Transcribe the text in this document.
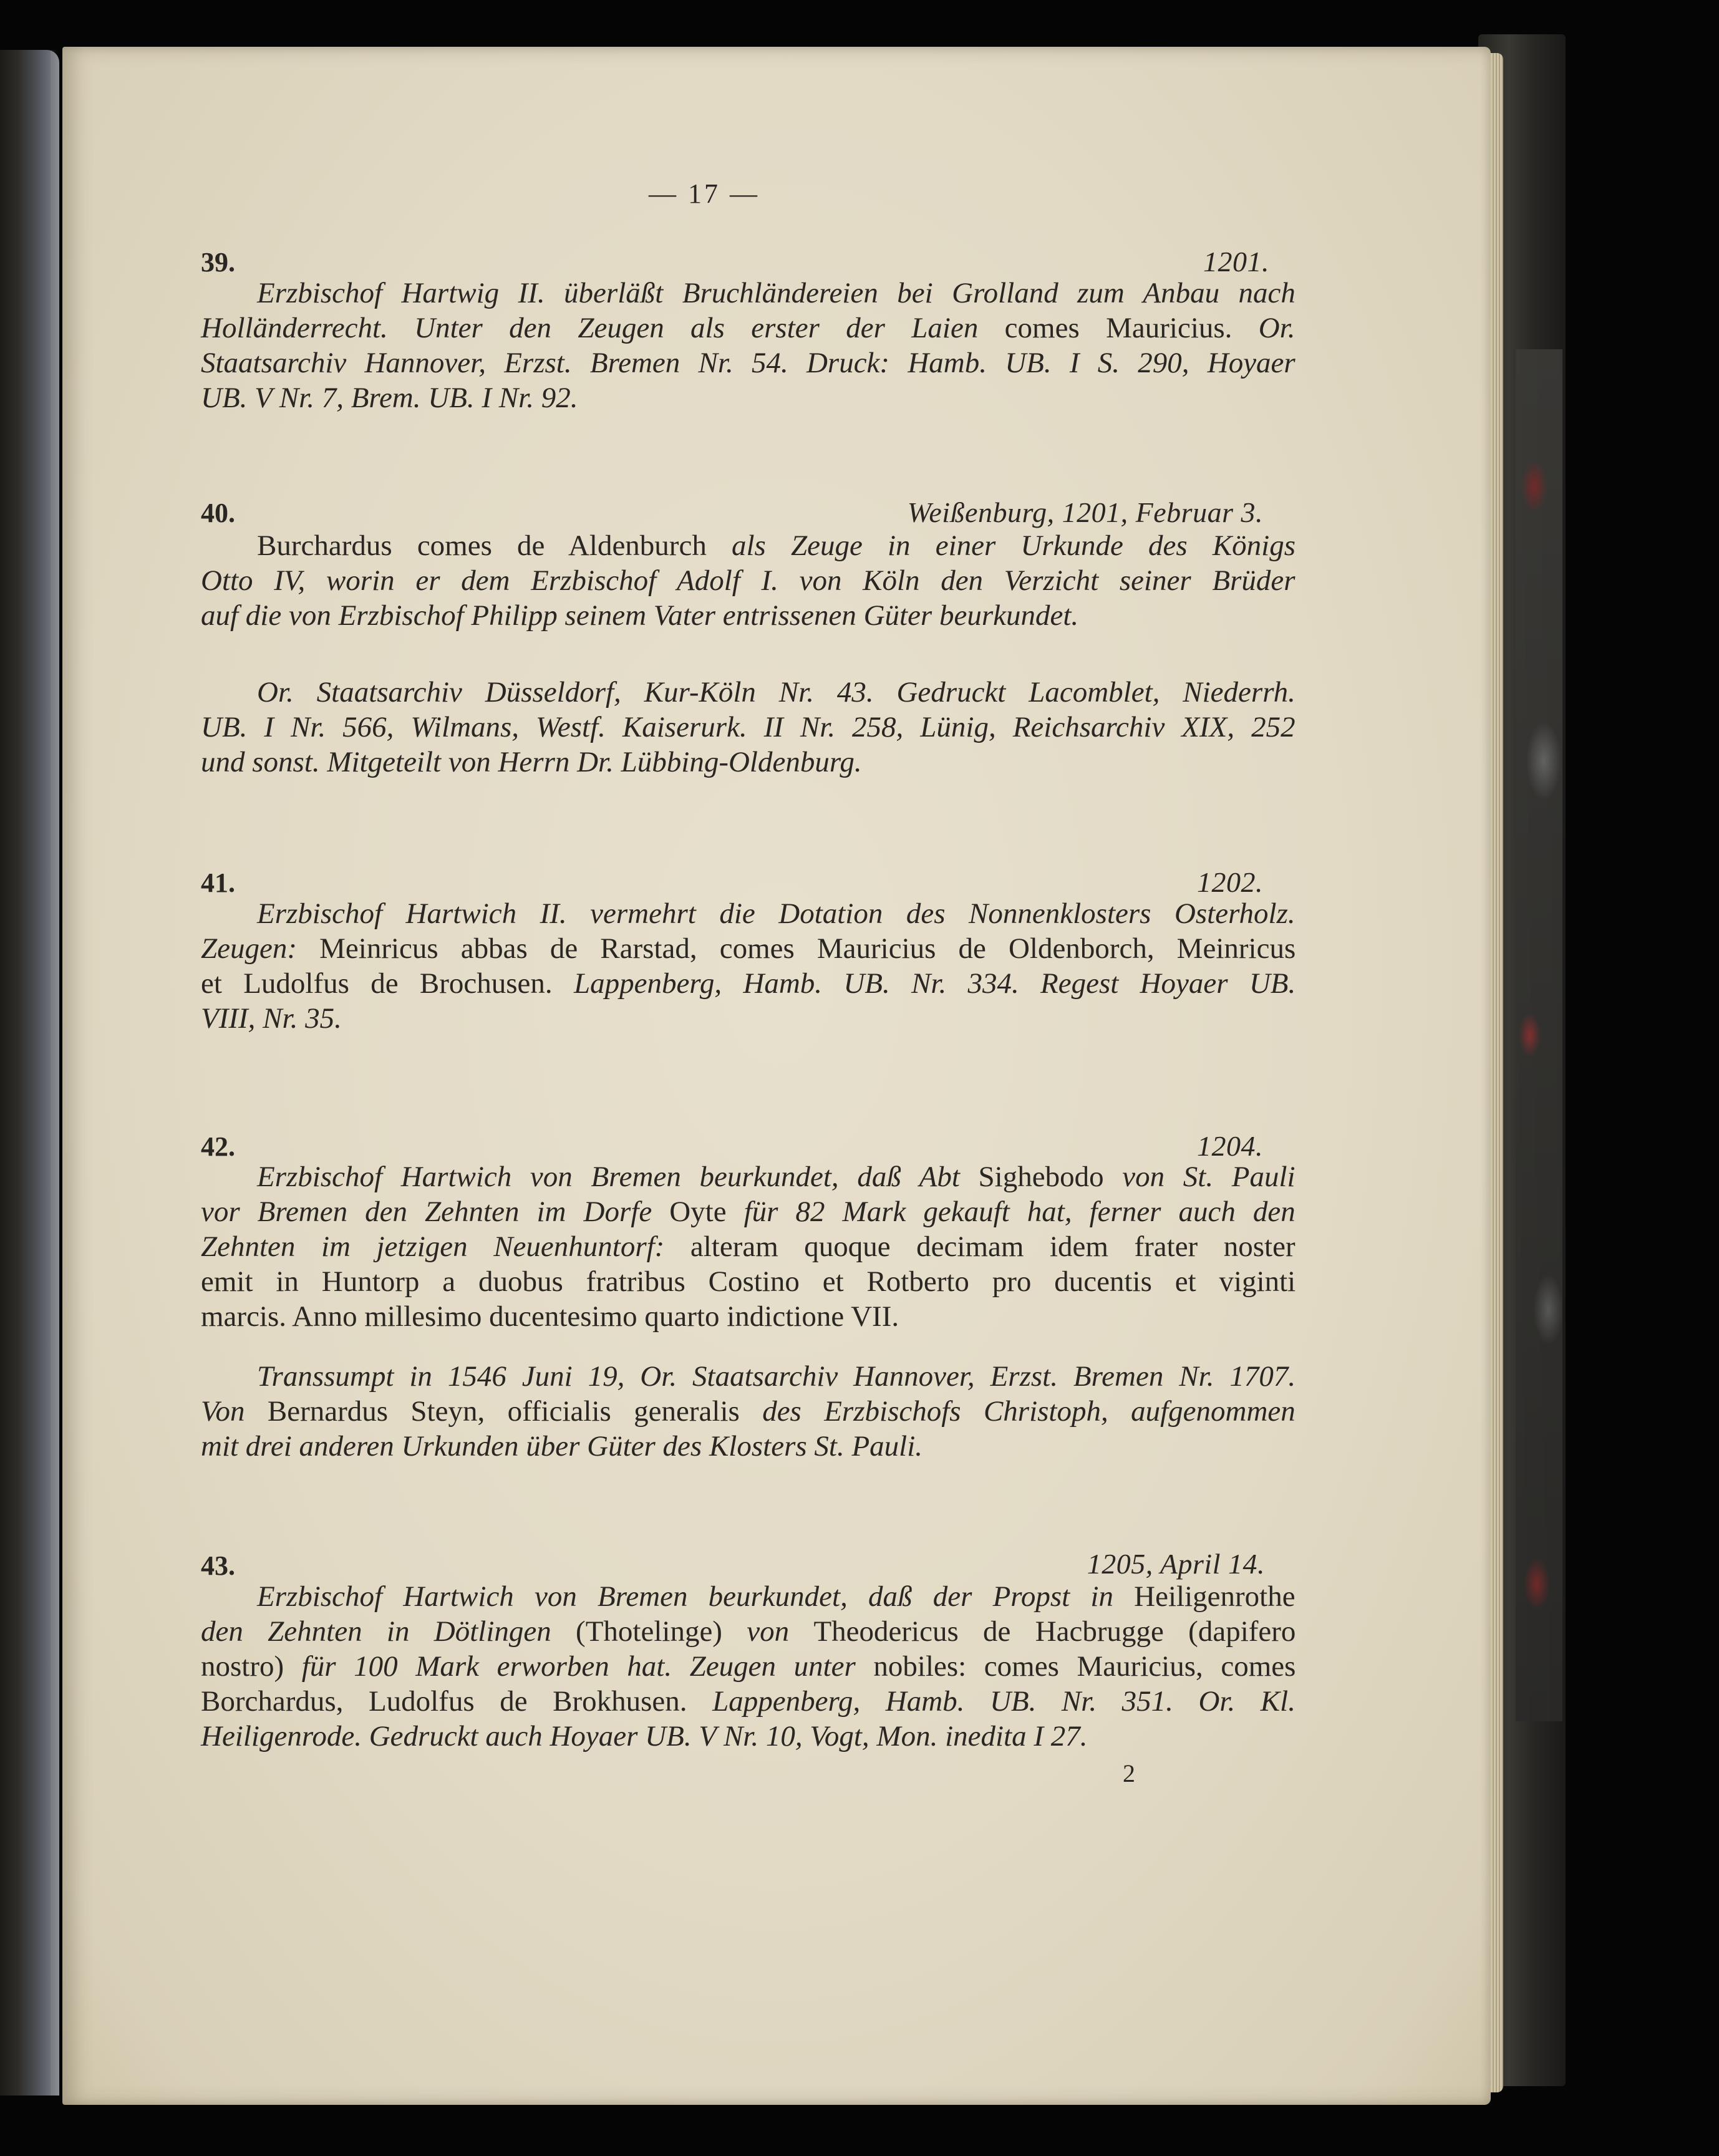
— 17 —
39.	1201.
40.	Weißenburg, 1201, Februar 3.
41.	1202.
42.	1204.
43.	1205, April 14.
2
Erzbischof Hartwig II. überläßt Bruchländereien bei Grolland zum Anbau nach
Holländerrecht. Unter den Zeugen als erster der Laien comes Mauricius. Or.
Staatsarchiv Hannover, Erzst. Bremen Nr. 54. Druck: Hamb. UB. I S. 290, Hoyaer
UB. V Nr. 7, Brem. UB. I Nr. 92.
Burchardus comes de Aldenburch als Zeuge in einer Urkunde des Königs
Otto IV, worin er dem Erzbischof Adolf I. von Köln den Verzicht seiner Brüder
auf die von Erzbischof Philipp seinem Vater entrissenen Güter beurkundet.
Or. Staatsarchiv Düsseldorf, Kur-Köln Nr. 43. Gedruckt Lacomblet, Niederrh.
UB. I Nr. 566, Wilmans, Westf. Kaiserurk. II Nr. 258, Lünig, Reichsarchiv XIX, 252
und sonst. Mitgeteilt von Herrn Dr. Lübbing-Oldenburg.
Erzbischof Hartwich II. vermehrt die Dotation des Nonnenklosters Osterholz.
Zeugen: Meinricus abbas de Rarstad, comes Mauricius de Oldenborch, Meinricus
et Ludolfus de Brochusen. Lappenberg, Hamb. UB. Nr. 334. Regest Hoyaer UB.
VIII, Nr. 35.
Erzbischof Hartwich von Bremen beurkundet, daß Abt Sighebodo von St. Pauli
vor Bremen den Zehnten im Dorfe Oyte für 82 Mark gekauft hat, ferner auch den
Zehnten im jetzigen Neuenhuntorf: alteram quoque decimam idem frater noster
emit in Huntorp a duobus fratribus Costino et Rotberto pro ducentis et viginti
marcis. Anno millesimo ducentesimo quarto indictione VII.
Transsumpt in 1546 Juni 19, Or. Staatsarchiv Hannover, Erzst. Bremen Nr. 1707.
Von Bernardus Steyn, officialis generalis des Erzbischofs Christoph, aufgenommen
mit drei anderen Urkunden über Güter des Klosters St. Pauli.
Erzbischof Hartwich von Bremen beurkundet, daß der Propst in Heiligenrothe
den Zehnten in Dötlingen (Thotelinge) von Theodericus de Hacbrugge (dapifero
nostro) für 100 Mark erworben hat. Zeugen unter nobiles: comes Mauricius, comes
Borchardus, Ludolfus de Brokhusen. Lappenberg, Hamb. UB. Nr. 351. Or. Kl.
Heiligenrode. Gedruckt auch Hoyaer UB. V Nr. 10, Vogt, Mon. inedita I 27.
